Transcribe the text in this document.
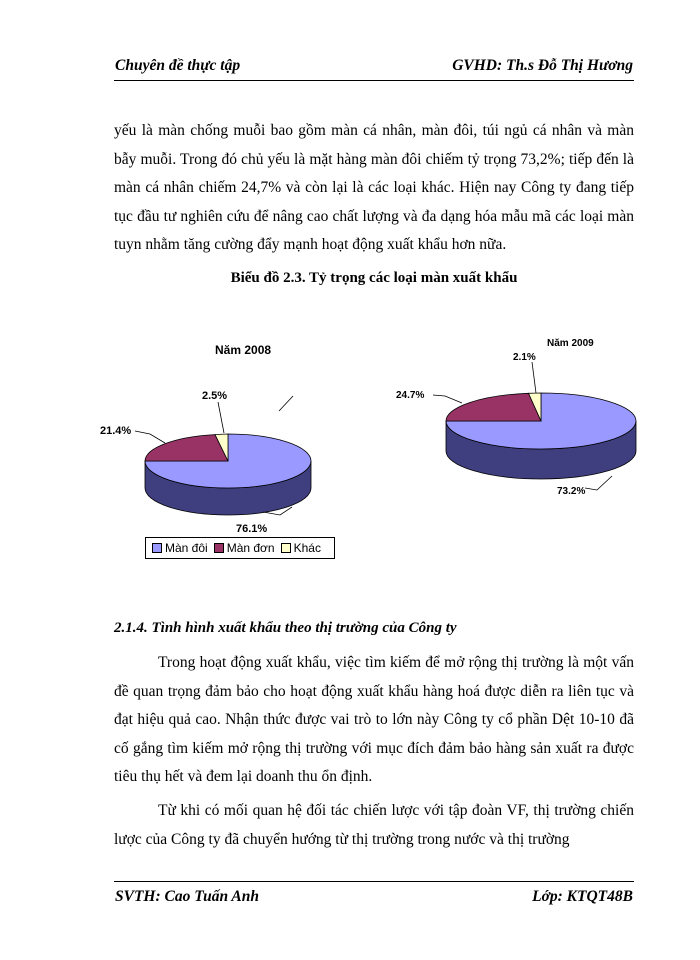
Chuyên đề thực tập	GVHD: Th.s Đỗ Thị Hương

yếu là màn chống muỗi bao gồm màn cá nhân, màn đôi, túi ngủ cá nhân và màn bẫy muỗi. Trong đó chủ yếu là mặt hàng màn đôi chiếm tỷ trọng 73,2%; tiếp đến là màn cá nhân chiếm 24,7% và còn lại là các loại khác. Hiện nay Công ty đang tiếp tục đầu tư nghiên cứu để nâng cao chất lượng và đa dạng hóa mẫu mã các loại màn tuyn nhằm tăng cường đẩy mạnh hoạt động xuất khẩu hơn nữa.

Biểu đồ 2.3. Tỷ trọng các loại màn xuất khẩu
Năm 2008
2.5%
21.4%
76.1%
Năm 2009
2.1%
24.7%
73.2%
Màn đôi Màn đơn Khác
2.1.4. Tình hình xuất khẩu theo thị trường của Công ty

Trong hoạt động xuất khẩu, việc tìm kiếm để mở rộng thị trường là một vấn đề quan trọng đảm bảo cho hoạt động xuất khẩu hàng hoá được diễn ra liên tục và đạt hiệu quả cao. Nhận thức được vai trò to lớn này Công ty cổ phần Dệt 10-10 đã cố gắng tìm kiếm mở rộng thị trường với mục đích đảm bảo hàng sản xuất ra được tiêu thụ hết và đem lại doanh thu ổn định.

Từ khi có mối quan hệ đối tác chiến lược với tập đoàn VF, thị trường chiến lược của Công ty đã chuyển hướng từ thị trường trong nước và thị trường

SVTH: Cao Tuấn Anh	Lớp: KTQT48B
